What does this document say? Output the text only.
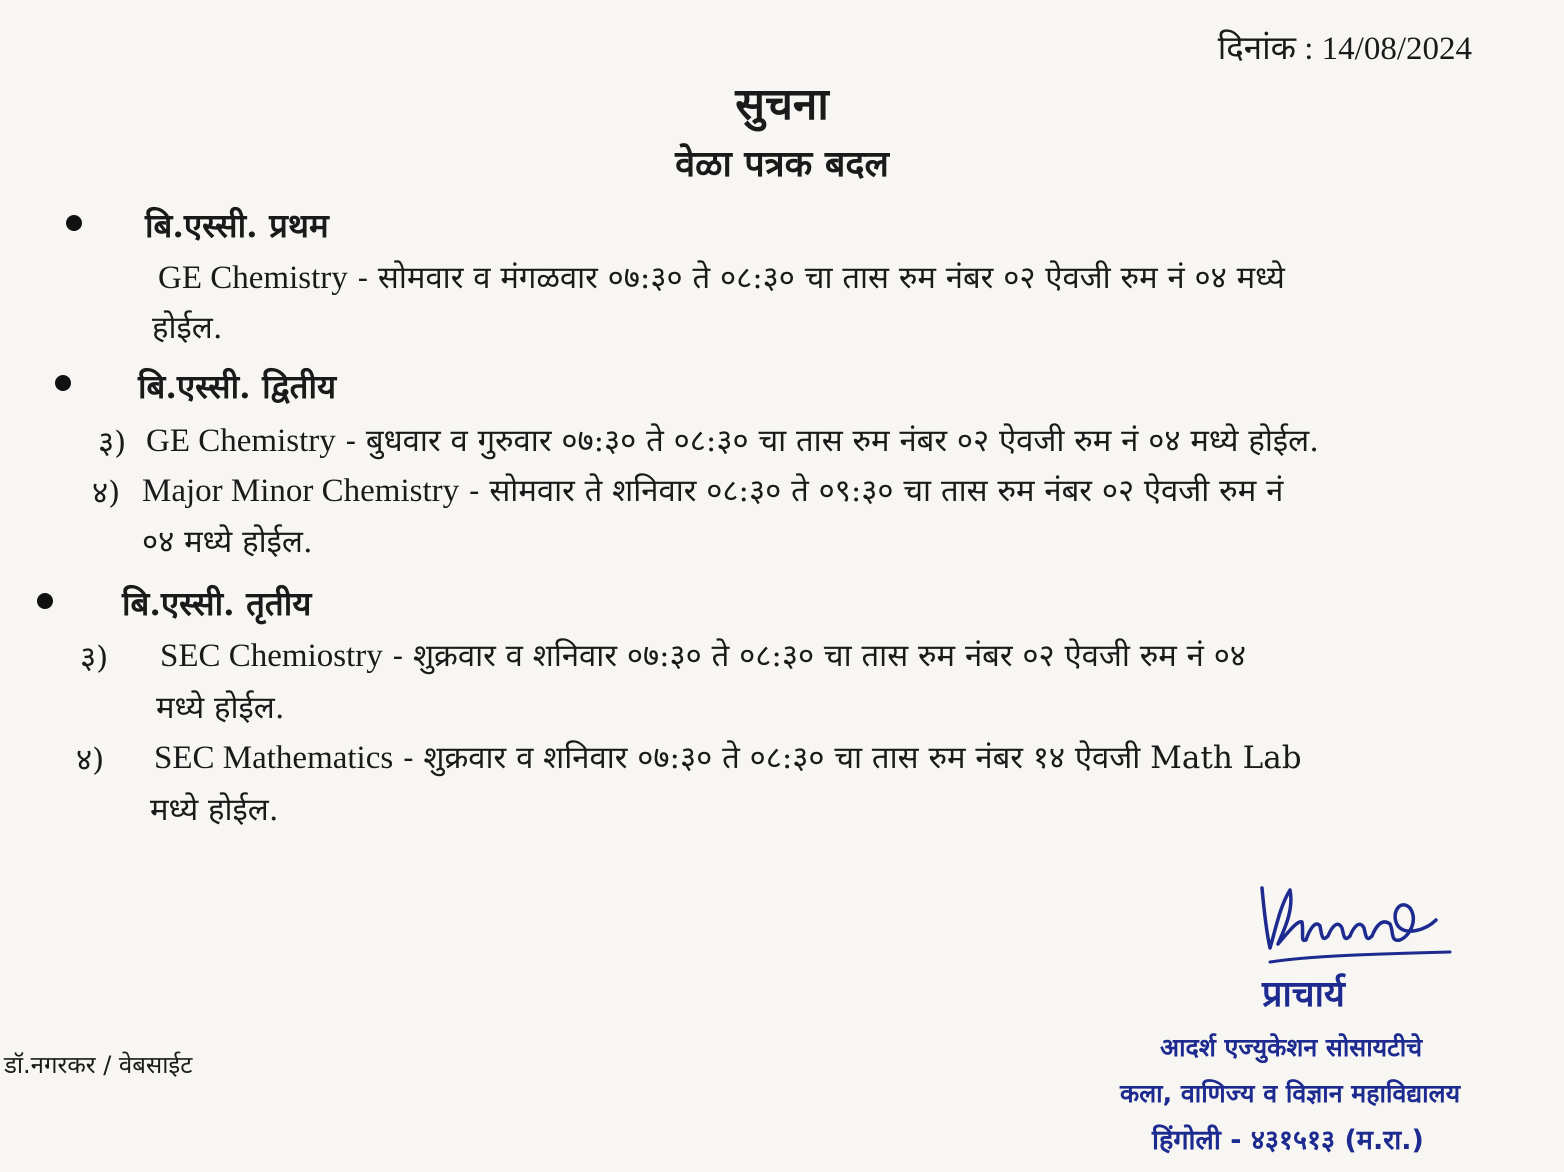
दिनांक : 14/08/2024
सुचना
वेळा पत्रक बदल
बि.एस्सी. प्रथम
GE Chemistry - सोमवार व मंगळवार ०७:३० ते ०८:३० चा तास रुम नंबर ०२ ऐवजी रुम नं ०४ मध्ये
होईल.
बि.एस्सी. द्वितीय
३) GE Chemistry - बुधवार व गुरुवार ०७:३० ते ०८:३० चा तास रुम नंबर ०२ ऐवजी रुम नं ०४ मध्ये होईल.
४) Major Minor Chemistry - सोमवार ते शनिवार ०८:३० ते ०९:३० चा तास रुम नंबर ०२ ऐवजी रुम नं
०४ मध्ये होईल.
बि.एस्सी. तृतीय
३) SEC Chemiostry - शुक्रवार व शनिवार ०७:३० ते ०८:३० चा तास रुम नंबर ०२ ऐवजी रुम नं ०४
मध्ये होईल.
४) SEC Mathematics - शुक्रवार व शनिवार ०७:३० ते ०८:३० चा तास रुम नंबर १४ ऐवजी Math Lab
मध्ये होईल.
प्राचार्य
आदर्श एज्युकेशन सोसायटीचे
कला, वाणिज्य व विज्ञान महाविद्यालय
हिंगोली - ४३१५१३ (म.रा.)
डॉ.नगरकर / वेबसाईट
